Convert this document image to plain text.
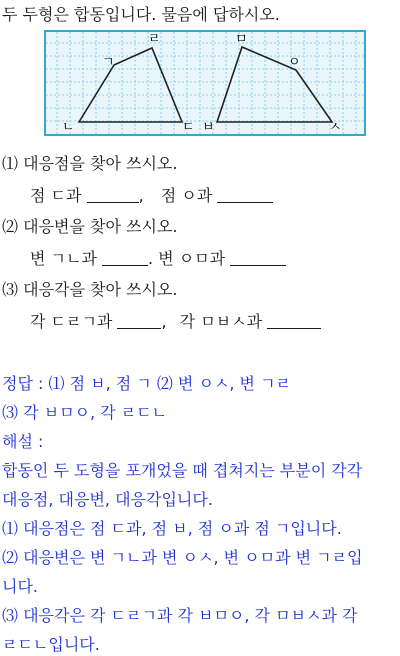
두 두형은 합동입니다. 물음에 답하시오.
ㄱ
ㄹ
ㄴ	ㄷ
ㅁ
ㅇ
ㅂ	ㅅ
⑴ 대응점을 찾아 쓰시오.
점 ㄷ과	, 점 ㅇ과
⑵ 대응변을 찾아 쓰시오.
변 ㄱㄴ과	. 변 ㅇㅁ과
⑶ 대응각을 찾아 쓰시오.
각 ㄷㄹㄱ과	, 각 ㅁㅂㅅ과
정답 : ⑴ 점 ㅂ, 점 ㄱ ⑵ 변 ㅇㅅ, 변 ㄱㄹ
⑶ 각 ㅂㅁㅇ, 각 ㄹㄷㄴ
해설 :
합동인 두 도형을 포개었을 때 겹쳐지는 부분이 각각
대응점, 대응변, 대응각입니다.
⑴ 대응점은 점 ㄷ과, 점 ㅂ, 점 ㅇ과 점 ㄱ입니다.
⑵ 대응변은 변 ㄱㄴ과 변 ㅇㅅ, 변 ㅇㅁ과 변 ㄱㄹ입
니다.
⑶ 대응각은 각 ㄷㄹㄱ과 각 ㅂㅁㅇ, 각 ㅁㅂㅅ과 각
ㄹㄷㄴ입니다.
